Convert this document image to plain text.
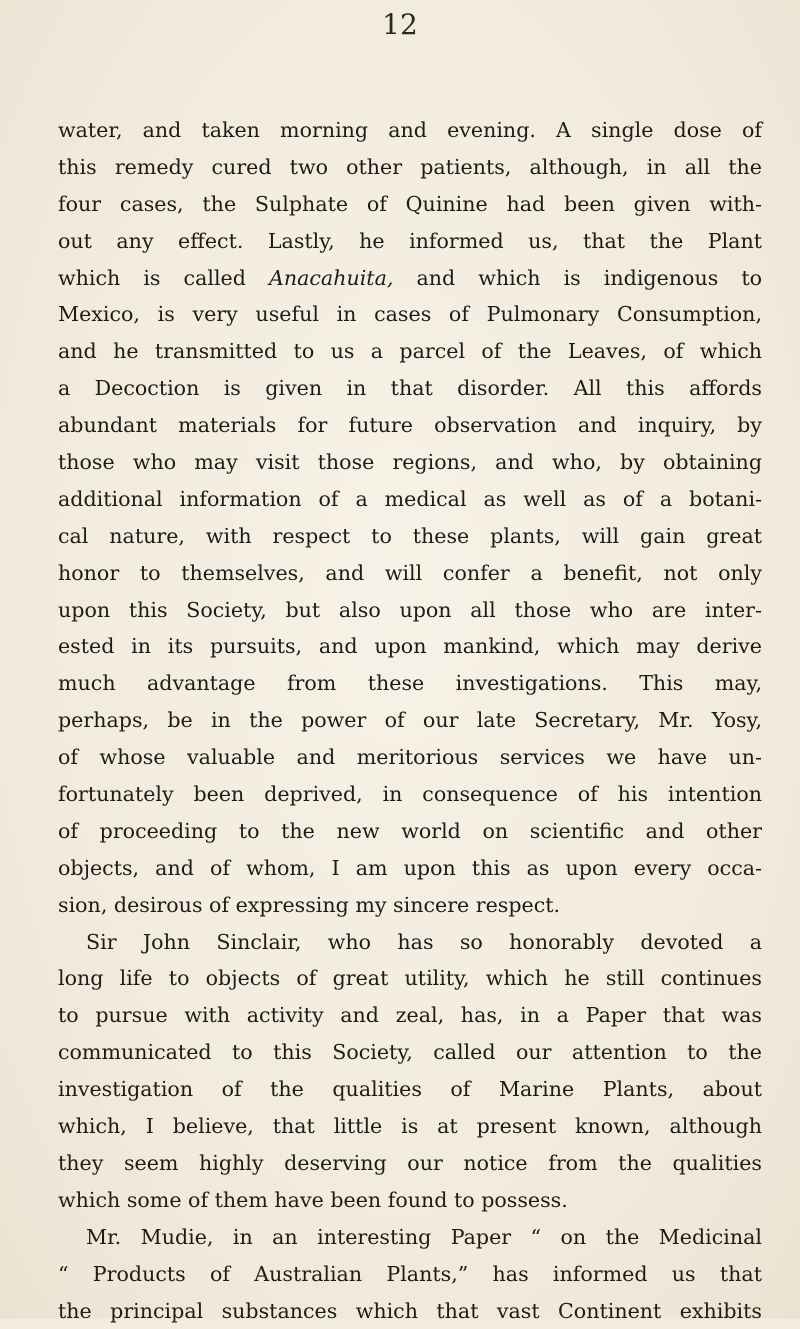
12
water, and taken morning and evening. A single dose of
this remedy cured two other patients, although, in all the
four cases, the Sulphate of Quinine had been given with-
out any effect. Lastly, he informed us, that the Plant
which is called Anacahuita, and which is indigenous to
Mexico, is very useful in cases of Pulmonary Consumption,
and he transmitted to us a parcel of the Leaves, of which
a Decoction is given in that disorder. All this affords
abundant materials for future observation and inquiry, by
those who may visit those regions, and who, by obtaining
additional information of a medical as well as of a botani-
cal nature, with respect to these plants, will gain great
honor to themselves, and will confer a benefit, not only
upon this Society, but also upon all those who are inter-
ested in its pursuits, and upon mankind, which may derive
much advantage from these investigations. This may,
perhaps, be in the power of our late Secretary, Mr. Yosy,
of whose valuable and meritorious services we have un-
fortunately been deprived, in consequence of his intention
of proceeding to the new world on scientific and other
objects, and of whom, I am upon this as upon every occa-
sion, desirous of expressing my sincere respect.
Sir John Sinclair, who has so honorably devoted a
long life to objects of great utility, which he still continues
to pursue with activity and zeal, has, in a Paper that was
communicated to this Society, called our attention to the
investigation of the qualities of Marine Plants, about
which, I believe, that little is at present known, although
they seem highly deserving our notice from the qualities
which some of them have been found to possess.
Mr. Mudie, in an interesting Paper “ on the Medicinal
“ Products of Australian Plants,” has informed us that
the principal substances which that vast Continent exhibits
